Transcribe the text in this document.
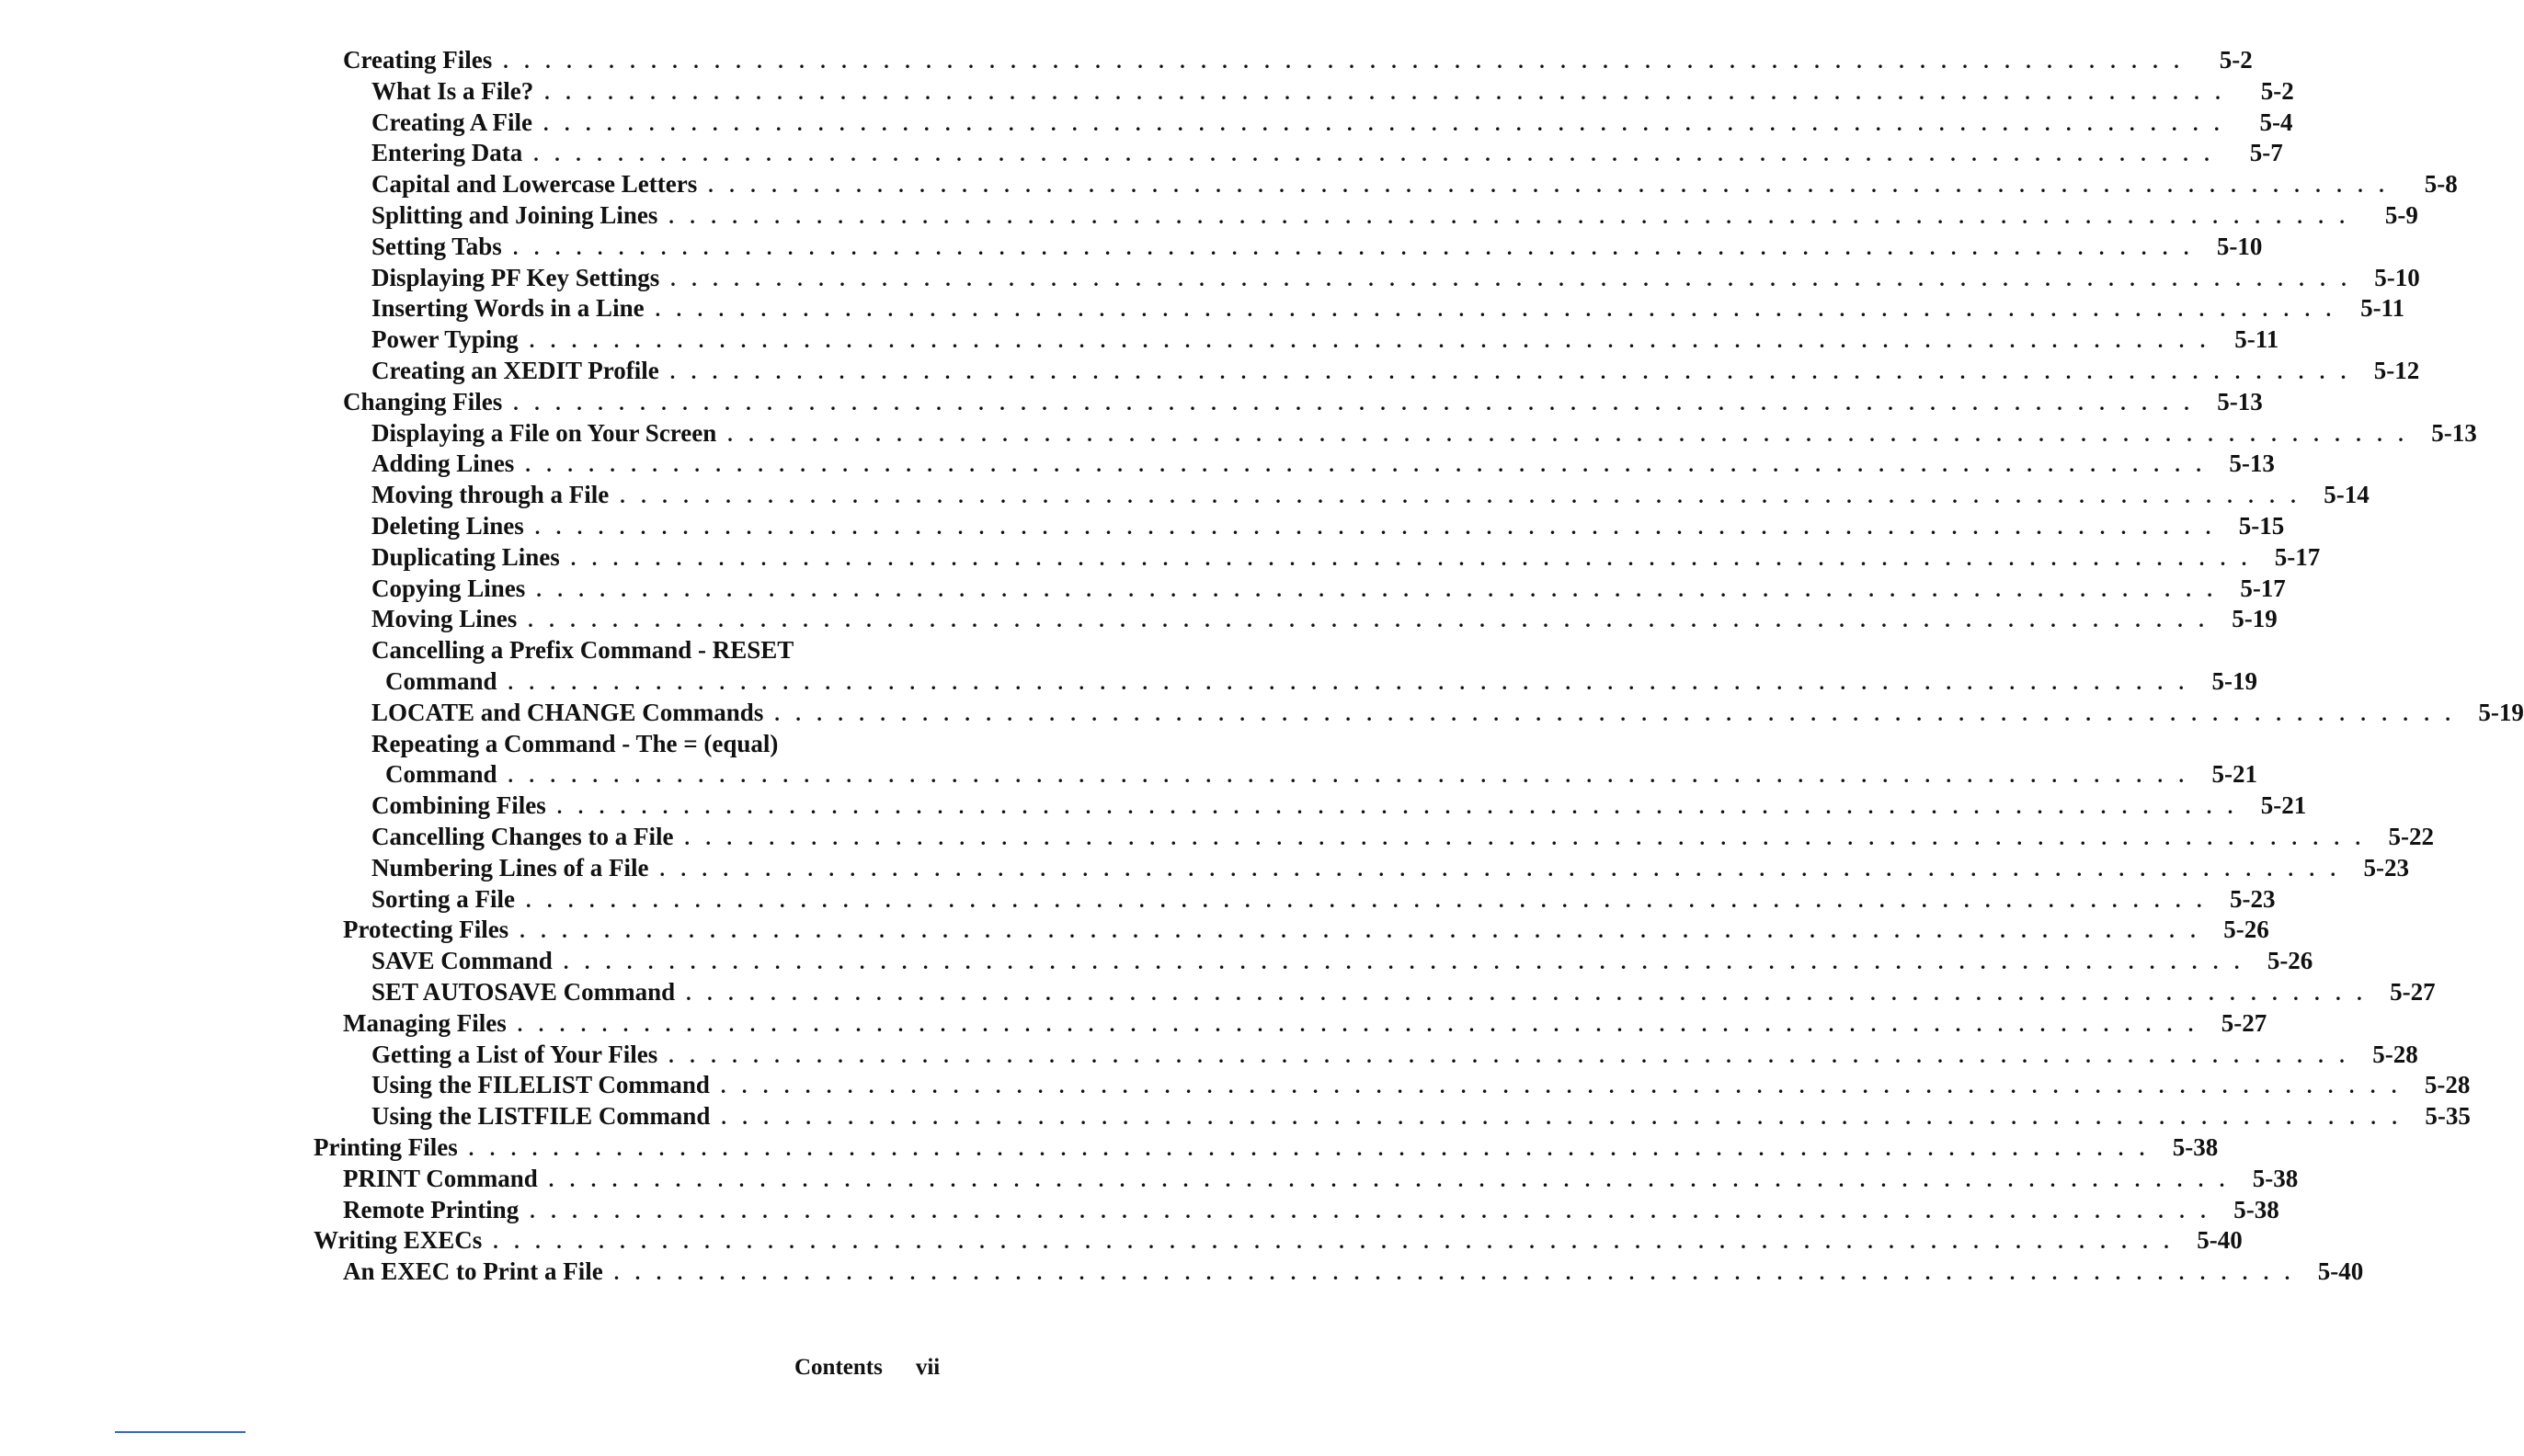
Creating Files . . . . . . . . . . . . . . . . . . . . . . . . . . . . . . . . . . . . . . . . . . . . . . . . . . . . . . . . . . . . . . . . . . . . . . . . . . . . . . . .	5-2
What Is a File? . . . . . . . . . . . . . . . . . . . . . . . . . . . . . . . . . . . . . . . . . . . . . . . . . . . . . . . . . . . . . . . . . . . . . . . . . . . . . . . .	5-2
Creating A File . . . . . . . . . . . . . . . . . . . . . . . . . . . . . . . . . . . . . . . . . . . . . . . . . . . . . . . . . . . . . . . . . . . . . . . . . . . . . . . .	5-4
Entering Data . . . . . . . . . . . . . . . . . . . . . . . . . . . . . . . . . . . . . . . . . . . . . . . . . . . . . . . . . . . . . . . . . . . . . . . . . . . . . . . .	5-7
Capital and Lowercase Letters . . . . . . . . . . . . . . . . . . . . . . . . . . . . . . . . . . . . . . . . . . . . . . . . . . . . . . . . . . . . . . . . . . . . . . . . . . . . . . . .	5-8
Splitting and Joining Lines . . . . . . . . . . . . . . . . . . . . . . . . . . . . . . . . . . . . . . . . . . . . . . . . . . . . . . . . . . . . . . . . . . . . . . . . . . . . . . . .	5-9
Setting Tabs . . . . . . . . . . . . . . . . . . . . . . . . . . . . . . . . . . . . . . . . . . . . . . . . . . . . . . . . . . . . . . . . . . . . . . . . . . . . . . . . 5-10
Displaying PF Key Settings . . . . . . . . . . . . . . . . . . . . . . . . . . . . . . . . . . . . . . . . . . . . . . . . . . . . . . . . . . . . . . . . . . . . . . . . . . . . . . . . 5-10
Inserting Words in a Line . . . . . . . . . . . . . . . . . . . . . . . . . . . . . . . . . . . . . . . . . . . . . . . . . . . . . . . . . . . . . . . . . . . . . . . . . . . . . . . . 5-11
Power Typing . . . . . . . . . . . . . . . . . . . . . . . . . . . . . . . . . . . . . . . . . . . . . . . . . . . . . . . . . . . . . . . . . . . . . . . . . . . . . . . . 5-11
Creating an XEDIT Profile . . . . . . . . . . . . . . . . . . . . . . . . . . . . . . . . . . . . . . . . . . . . . . . . . . . . . . . . . . . . . . . . . . . . . . . . . . . . . . . . 5-12
Changing Files . . . . . . . . . . . . . . . . . . . . . . . . . . . . . . . . . . . . . . . . . . . . . . . . . . . . . . . . . . . . . . . . . . . . . . . . . . . . . . . . 5-13
Displaying a File on Your Screen . . . . . . . . . . . . . . . . . . . . . . . . . . . . . . . . . . . . . . . . . . . . . . . . . . . . . . . . . . . . . . . . . . . . . . . . . . . . . . . . 5-13
Adding Lines . . . . . . . . . . . . . . . . . . . . . . . . . . . . . . . . . . . . . . . . . . . . . . . . . . . . . . . . . . . . . . . . . . . . . . . . . . . . . . . . 5-13
Moving through a File . . . . . . . . . . . . . . . . . . . . . . . . . . . . . . . . . . . . . . . . . . . . . . . . . . . . . . . . . . . . . . . . . . . . . . . . . . . . . . . . 5-14
Deleting Lines . . . . . . . . . . . . . . . . . . . . . . . . . . . . . . . . . . . . . . . . . . . . . . . . . . . . . . . . . . . . . . . . . . . . . . . . . . . . . . . . 5-15
Duplicating Lines . . . . . . . . . . . . . . . . . . . . . . . . . . . . . . . . . . . . . . . . . . . . . . . . . . . . . . . . . . . . . . . . . . . . . . . . . . . . . . . . 5-17
Copying Lines . . . . . . . . . . . . . . . . . . . . . . . . . . . . . . . . . . . . . . . . . . . . . . . . . . . . . . . . . . . . . . . . . . . . . . . . . . . . . . . . 5-17
Moving Lines . . . . . . . . . . . . . . . . . . . . . . . . . . . . . . . . . . . . . . . . . . . . . . . . . . . . . . . . . . . . . . . . . . . . . . . . . . . . . . . . 5-19
Cancelling a Prefix Command - RESET
Command . . . . . . . . . . . . . . . . . . . . . . . . . . . . . . . . . . . . . . . . . . . . . . . . . . . . . . . . . . . . . . . . . . . . . . . . . . . . . . . . 5-19
LOCATE and CHANGE Commands . . . . . . . . . . . . . . . . . . . . . . . . . . . . . . . . . . . . . . . . . . . . . . . . . . . . . . . . . . . . . . . . . . . . . . . . . . . . . . . . 5-19
Repeating a Command - The = (equal)
Command . . . . . . . . . . . . . . . . . . . . . . . . . . . . . . . . . . . . . . . . . . . . . . . . . . . . . . . . . . . . . . . . . . . . . . . . . . . . . . . . 5-21
Combining Files . . . . . . . . . . . . . . . . . . . . . . . . . . . . . . . . . . . . . . . . . . . . . . . . . . . . . . . . . . . . . . . . . . . . . . . . . . . . . . . . 5-21
Cancelling Changes to a File . . . . . . . . . . . . . . . . . . . . . . . . . . . . . . . . . . . . . . . . . . . . . . . . . . . . . . . . . . . . . . . . . . . . . . . . . . . . . . . . 5-22
Numbering Lines of a File . . . . . . . . . . . . . . . . . . . . . . . . . . . . . . . . . . . . . . . . . . . . . . . . . . . . . . . . . . . . . . . . . . . . . . . . . . . . . . . . 5-23
Sorting a File . . . . . . . . . . . . . . . . . . . . . . . . . . . . . . . . . . . . . . . . . . . . . . . . . . . . . . . . . . . . . . . . . . . . . . . . . . . . . . . . 5-23
Protecting Files . . . . . . . . . . . . . . . . . . . . . . . . . . . . . . . . . . . . . . . . . . . . . . . . . . . . . . . . . . . . . . . . . . . . . . . . . . . . . . . . 5-26
SAVE Command . . . . . . . . . . . . . . . . . . . . . . . . . . . . . . . . . . . . . . . . . . . . . . . . . . . . . . . . . . . . . . . . . . . . . . . . . . . . . . . . 5-26
SET AUTOSAVE Command . . . . . . . . . . . . . . . . . . . . . . . . . . . . . . . . . . . . . . . . . . . . . . . . . . . . . . . . . . . . . . . . . . . . . . . . . . . . . . . . 5-27
Managing Files . . . . . . . . . . . . . . . . . . . . . . . . . . . . . . . . . . . . . . . . . . . . . . . . . . . . . . . . . . . . . . . . . . . . . . . . . . . . . . . . 5-27
Getting a List of Your Files . . . . . . . . . . . . . . . . . . . . . . . . . . . . . . . . . . . . . . . . . . . . . . . . . . . . . . . . . . . . . . . . . . . . . . . . . . . . . . . . 5-28
Using the FILELIST Command . . . . . . . . . . . . . . . . . . . . . . . . . . . . . . . . . . . . . . . . . . . . . . . . . . . . . . . . . . . . . . . . . . . . . . . . . . . . . . . . 5-28
Using the LISTFILE Command . . . . . . . . . . . . . . . . . . . . . . . . . . . . . . . . . . . . . . . . . . . . . . . . . . . . . . . . . . . . . . . . . . . . . . . . . . . . . . . . 5-35
Printing Files . . . . . . . . . . . . . . . . . . . . . . . . . . . . . . . . . . . . . . . . . . . . . . . . . . . . . . . . . . . . . . . . . . . . . . . . . . . . . . . . 5-38
PRINT Command . . . . . . . . . . . . . . . . . . . . . . . . . . . . . . . . . . . . . . . . . . . . . . . . . . . . . . . . . . . . . . . . . . . . . . . . . . . . . . . . 5-38
Remote Printing . . . . . . . . . . . . . . . . . . . . . . . . . . . . . . . . . . . . . . . . . . . . . . . . . . . . . . . . . . . . . . . . . . . . . . . . . . . . . . . . 5-38
Writing EXECs . . . . . . . . . . . . . . . . . . . . . . . . . . . . . . . . . . . . . . . . . . . . . . . . . . . . . . . . . . . . . . . . . . . . . . . . . . . . . . . . 5-40
An EXEC to Print a File . . . . . . . . . . . . . . . . . . . . . . . . . . . . . . . . . . . . . . . . . . . . . . . . . . . . . . . . . . . . . . . . . . . . . . . . . . . . . . . . 5-40
Contents vii
